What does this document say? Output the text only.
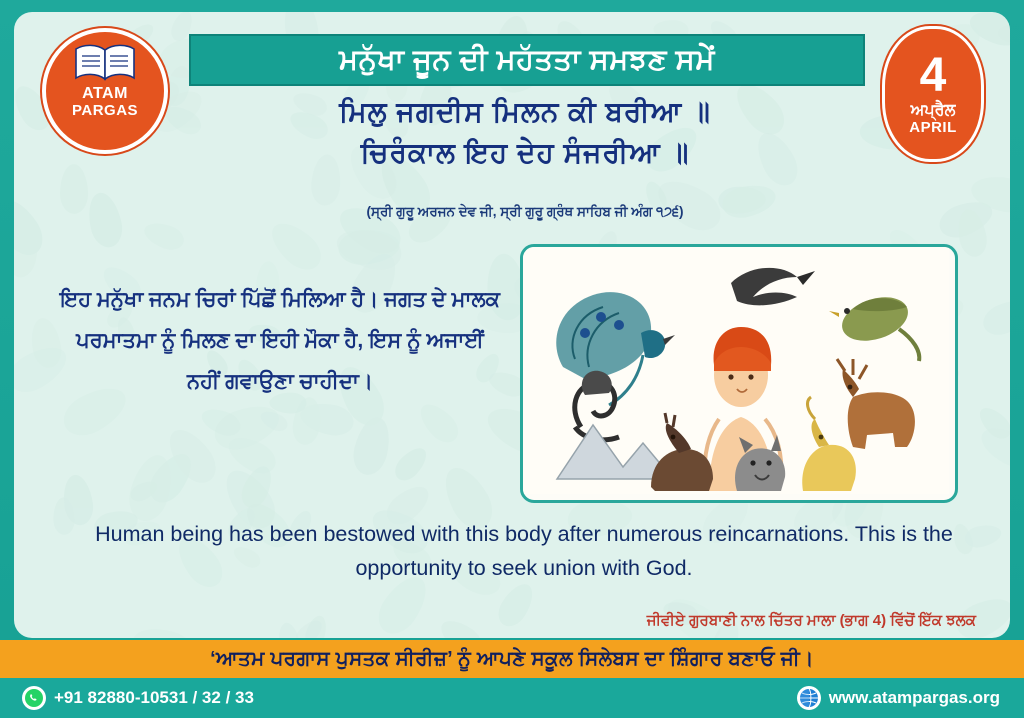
ਮਨੁੱਖਾ ਜੂਨ ਦੀ ਮਹੱਤਤਾ ਸਮਝਣ ਸਮੇਂ
ਮਿਲੁ ਜਗਦੀਸ ਮਿਲਨ ਕੀ ਬਰੀਆ ॥
ਚਿਰੰਕਾਲ ਇਹ ਦੇਹ ਸੰਜਰੀਆ ॥
(ਸ੍ਰੀ ਗੁਰੂ ਅਰਜਨ ਦੇਵ ਜੀ, ਸ੍ਰੀ ਗੁਰੂ ਗ੍ਰੰਥ ਸਾਹਿਬ ਜੀ ਅੰਗ ੧੭੬)
ATAM
PARGAS
4
ਅਪ੍ਰੈਲ
APRIL
ਇਹ ਮਨੁੱਖਾ ਜਨਮ ਚਿਰਾਂ ਪਿੱਛੋਂ ਮਿਲਿਆ ਹੈ। ਜਗਤ ਦੇ ਮਾਲਕ ਪਰਮਾਤਮਾ ਨੂੰ ਮਿਲਣ ਦਾ ਇਹੀ ਮੌਕਾ ਹੈ, ਇਸ ਨੂੰ ਅਜਾਈਂ ਨਹੀਂ ਗਵਾਉਣਾ ਚਾਹੀਦਾ।
Human being has been bestowed with this body after numerous reincarnations. This is the opportunity to seek union with God.
ਜੀਵੀਏ ਗੁਰਬਾਣੀ ਨਾਲ ਚਿੱਤਰ ਮਾਲਾ (ਭਾਗ 4) ਵਿੱਚੋਂ ਇੱਕ ਝਲਕ
‘ਆਤਮ ਪਰਗਾਸ ਪੁਸਤਕ ਸੀਰੀਜ਼’ ਨੂੰ ਆਪਣੇ ਸਕੂਲ ਸਿਲੇਬਸ ਦਾ ਸ਼ਿੰਗਾਰ ਬਣਾਓ ਜੀ।
+91 82880-10531 / 32 / 33	www.atampargas.org
